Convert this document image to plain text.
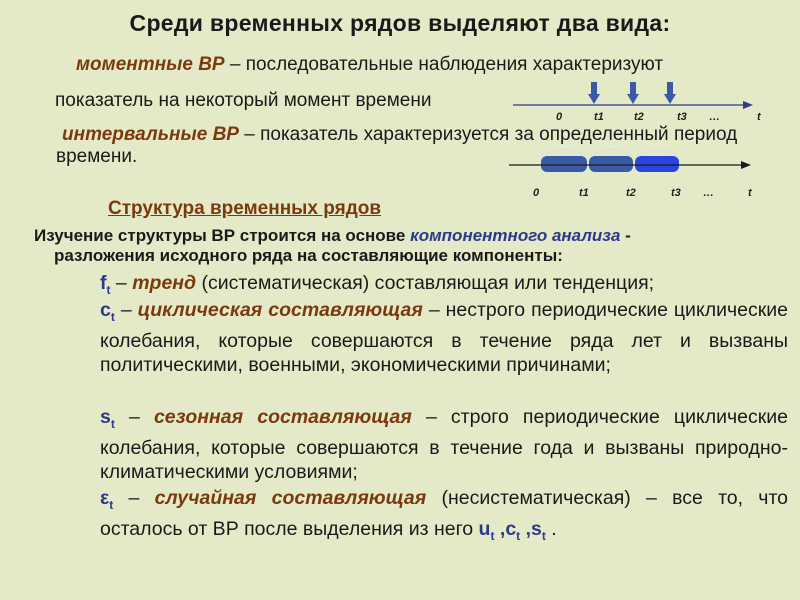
Среди временных рядов выделяют два вида:
моментные ВР – последовательные наблюдения характеризуют
показатель на некоторый момент времени
0	t1	t2	t3 …	t
интервальные ВР – показатель характеризуется за определенный период
времени.
0	t1	t2	t3 …	t
Структура временных рядов
Изучение структуры ВР строится на основе компонентного анализа -
разложения исходного ряда на составляющие компоненты:

$f_t$ – тренд (систематическая) составляющая или тенденция;

$c_t$ – циклическая составляющая – нестрого периодические циклические колебания, которые совершаются в течение ряда лет и вызваны политическими, военными, экономическими причинами;

$s_t$ – сезонная составляющая – строго периодические циклические колебания, которые совершаются в течение года и вызваны природно-климатическими условиями;

$\varepsilon_t$ – случайная составляющая (несистематическая) – все то, что осталось от ВР после выделения из него $u_t$ $,c_t$ $,s_t$ .
